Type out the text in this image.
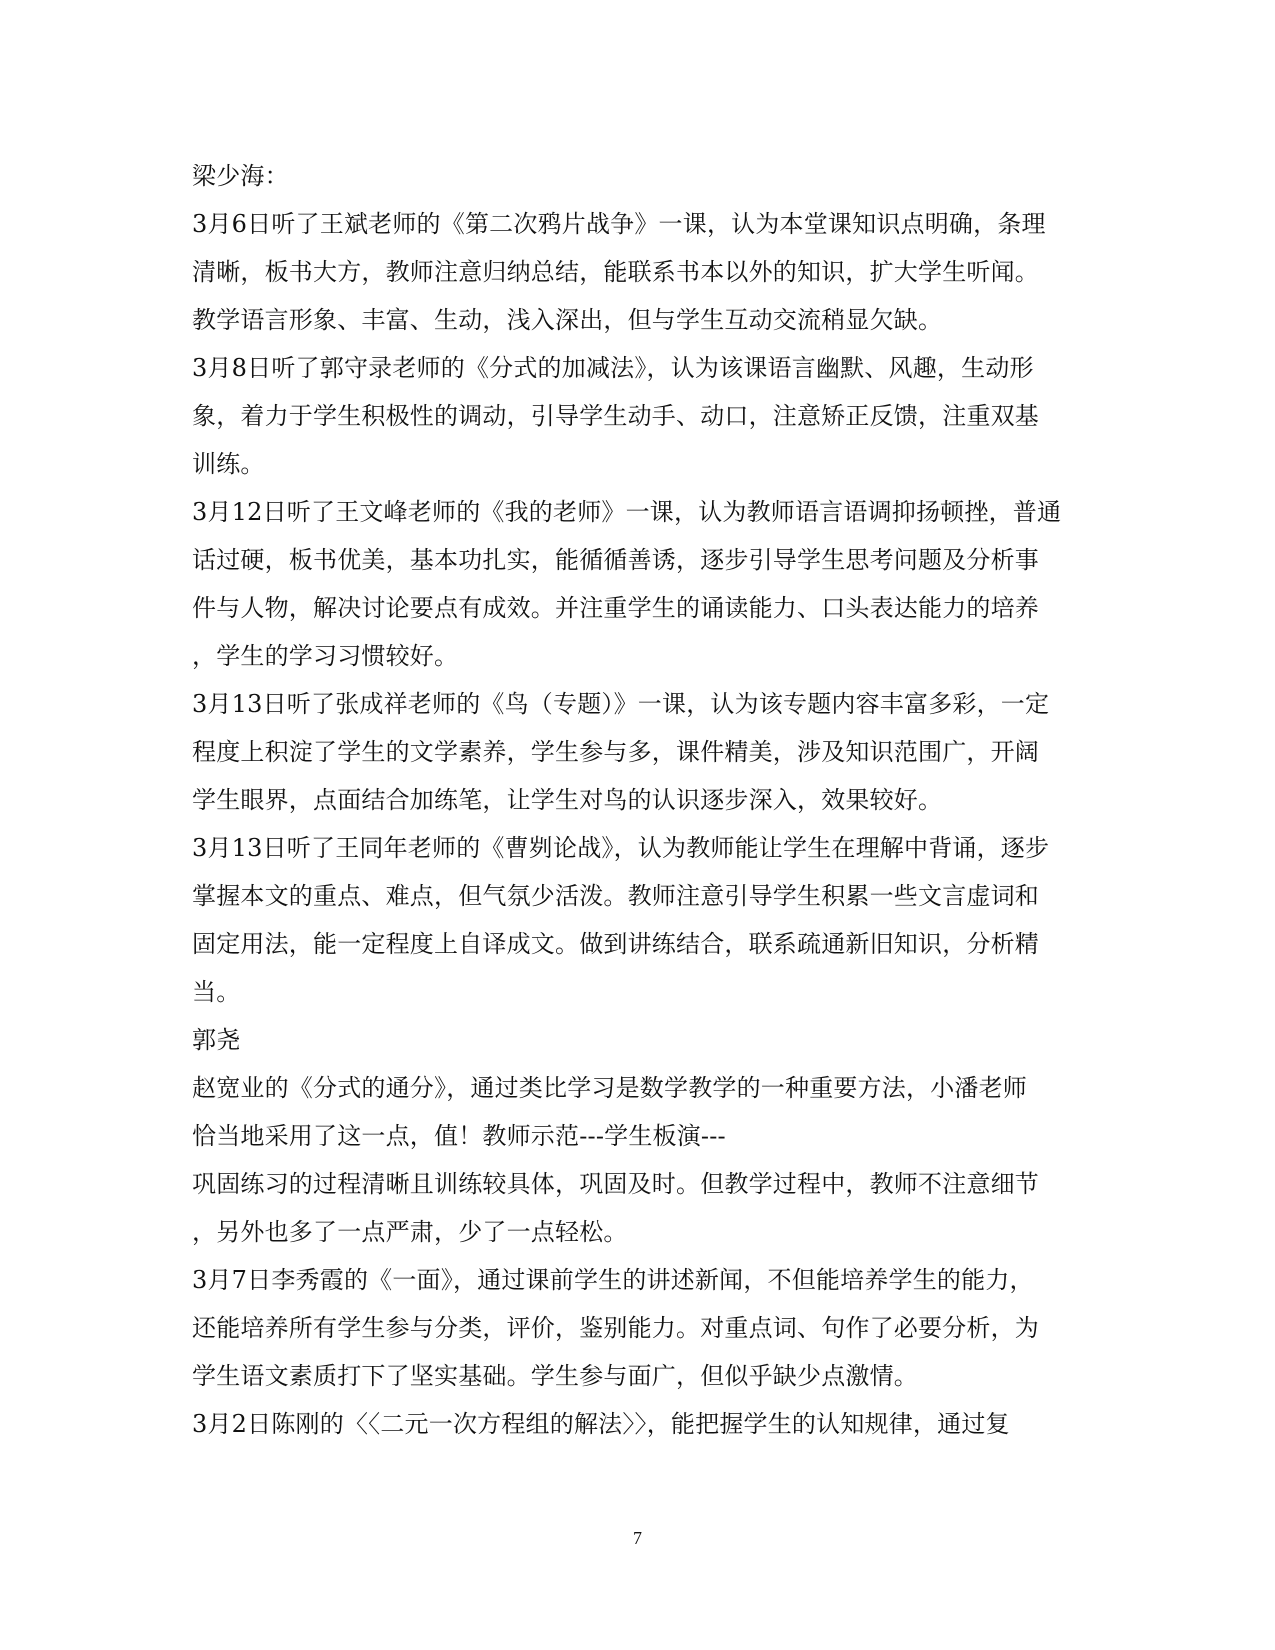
梁少海：
3月6日听了王斌老师的《第二次鸦片战争》一课，认为本堂课知识点明确，条理
清晰，板书大方，教师注意归纳总结，能联系书本以外的知识，扩大学生听闻。
教学语言形象、丰富、生动，浅入深出，但与学生互动交流稍显欠缺。
3月8日听了郭守录老师的《分式的加减法》，认为该课语言幽默、风趣，生动形
象，着力于学生积极性的调动，引导学生动手、动口，注意矫正反馈，注重双基
训练。
3月12日听了王文峰老师的《我的老师》一课，认为教师语言语调抑扬顿挫，普通
话过硬，板书优美，基本功扎实，能循循善诱，逐步引导学生思考问题及分析事
件与人物，解决讨论要点有成效。并注重学生的诵读能力、口头表达能力的培养
，学生的学习习惯较好。
3月13日听了张成祥老师的《鸟（专题）》一课，认为该专题内容丰富多彩，一定
程度上积淀了学生的文学素养，学生参与多，课件精美，涉及知识范围广，开阔
学生眼界，点面结合加练笔，让学生对鸟的认识逐步深入，效果较好。
3月13日听了王同年老师的《曹刿论战》，认为教师能让学生在理解中背诵，逐步
掌握本文的重点、难点，但气氛少活泼。教师注意引导学生积累一些文言虚词和
固定用法，能一定程度上自译成文。做到讲练结合，联系疏通新旧知识，分析精
当。
郭尧
赵宽业的《分式的通分》，通过类比学习是数学教学的一种重要方法，小潘老师
恰当地采用了这一点，值！教师示范---学生板演---
巩固练习的过程清晰且训练较具体，巩固及时。但教学过程中，教师不注意细节
，另外也多了一点严肃，少了一点轻松。
3月7日李秀霞的《一面》，通过课前学生的讲述新闻，不但能培养学生的能力，
还能培养所有学生参与分类，评价，鉴别能力。对重点词、句作了必要分析，为
学生语文素质打下了坚实基础。学生参与面广，但似乎缺少点激情。
3月2日陈刚的〈〈二元一次方程组的解法〉〉，能把握学生的认知规律，通过复
7
